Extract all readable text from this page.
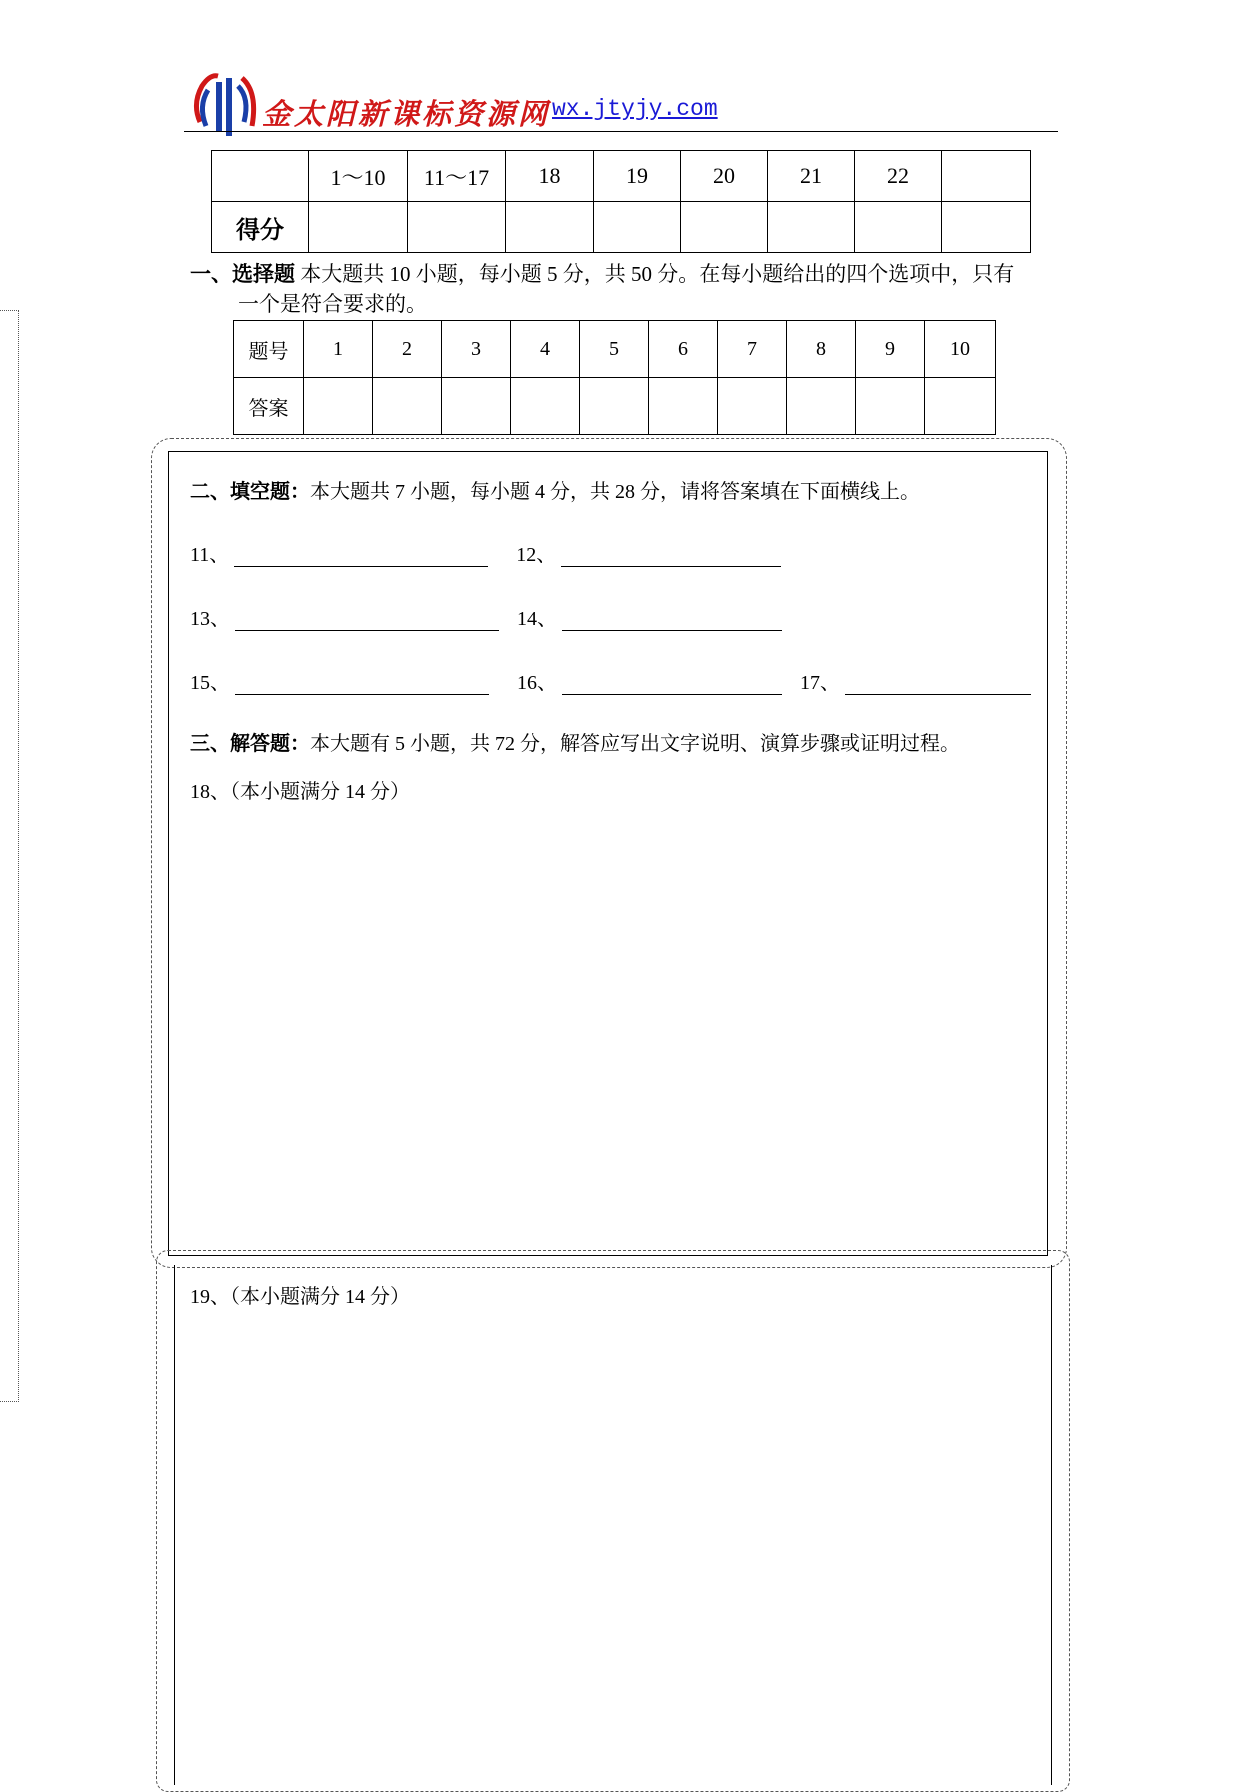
金太阳新课标资源网 wx.jtyjy.com
	1～10	11～17	18	19	20	21	22	
得分								
一、选择题 本大题共 10 小题，每小题 5 分，共 50 分。在每小题给出的四个选项中，只有
一个是符合要求的。
题号	1	2	3	4	5	6	7	8	9	10
答案										
二、填空题：本大题共 7 小题，每小题 4 分，共 28 分，请将答案填在下面横线上。
11、	12、
13、	14、
15、	16、	17、
三、解答题：本大题有 5 小题，共 72 分，解答应写出文字说明、演算步骤或证明过程。
18、（本小题满分 14 分）
19、（本小题满分 14 分）
